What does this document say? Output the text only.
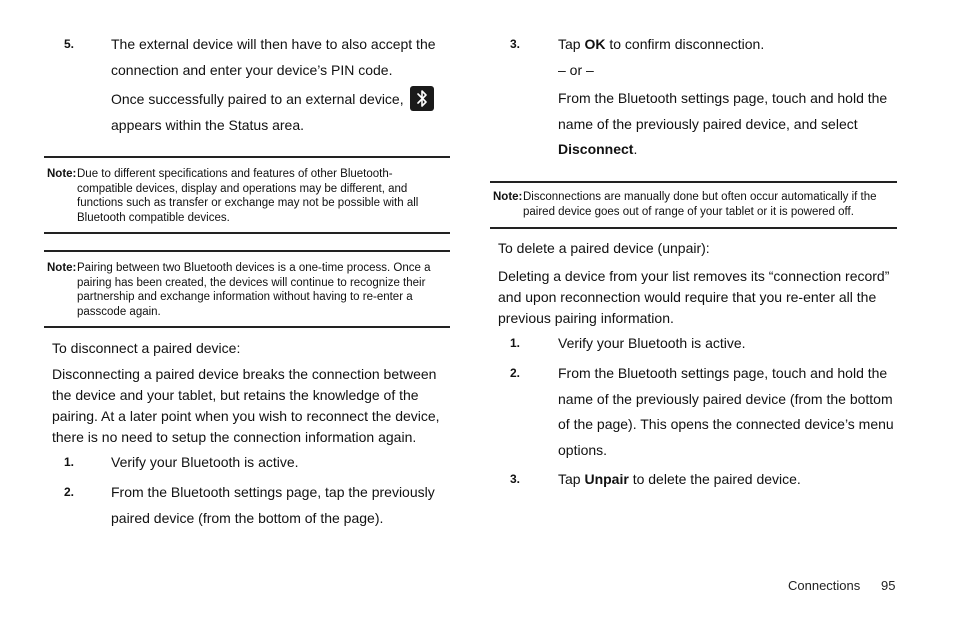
5.	The external device will then have to also accept the
connection and enter your device’s PIN code.
Once successfully paired to an external device,
appears within the Status area.
Note: Due to different specifications and features of other Bluetooth-compatible devices, display and operations may be different, and functions such as transfer or exchange may not be possible with all Bluetooth compatible devices.
Note: Pairing between two Bluetooth devices is a one-time process. Once a pairing has been created, the devices will continue to recognize their partnership and exchange information without having to re-enter a passcode again.
To disconnect a paired device:
Disconnecting a paired device breaks the connection between the device and your tablet, but retains the knowledge of the pairing. At a later point when you wish to reconnect the device, there is no need to setup the connection information again.
1.	Verify your Bluetooth is active.
2.	From the Bluetooth settings page, tap the previously paired device (from the bottom of the page).
3.	Tap OK to confirm disconnection.
– or –
From the Bluetooth settings page, touch and hold the name of the previously paired device, and select Disconnect.
Note: Disconnections are manually done but often occur automatically if the paired device goes out of range of your tablet or it is powered off.
To delete a paired device (unpair):
Deleting a device from your list removes its “connection record” and upon reconnection would require that you re-enter all the previous pairing information.
1.	Verify your Bluetooth is active.
2.	From the Bluetooth settings page, touch and hold the name of the previously paired device (from the bottom of the page). This opens the connected device’s menu options.
3.	Tap Unpair to delete the paired device.
Connections 95
